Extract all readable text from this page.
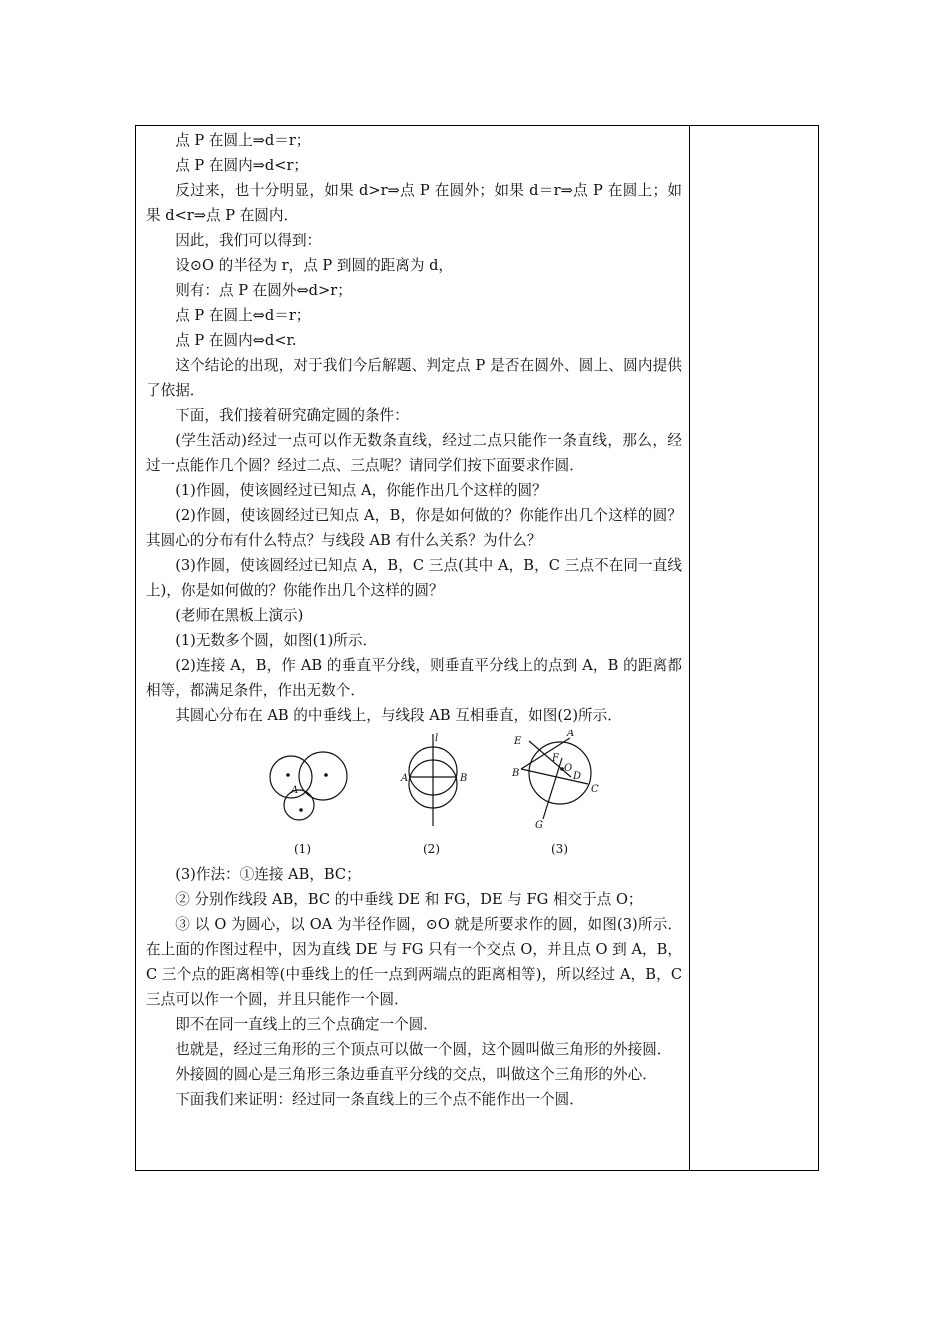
点 P 在圆上⇒d＝r；

点 P 在圆内⇒d<r；

反过来，也十分明显，如果 d>r⇒点 P 在圆外；如果 d＝r⇒点 P 在圆上；如果 d<r⇒点 P 在圆内．

因此，我们可以得到：

设⊙O 的半径为 r，点 P 到圆的距离为 d，

则有：点 P 在圆外⇔d>r；

点 P 在圆上⇔d＝r；

点 P 在圆内⇔d<r.

这个结论的出现，对于我们今后解题、判定点 P 是否在圆外、圆上、圆内提供了依据．

下面，我们接着研究确定圆的条件：

(学生活动)经过一点可以作无数条直线，经过二点只能作一条直线，那么，经过一点能作几个圆？经过二点、三点呢？请同学们按下面要求作圆．

(1)作圆，使该圆经过已知点 A，你能作出几个这样的圆？

(2)作圆，使该圆经过已知点 A，B，你是如何做的？你能作出几个这样的圆？其圆心的分布有什么特点？与线段 AB 有什么关系？为什么？

(3)作圆，使该圆经过已知点 A，B，C 三点(其中 A，B，C 三点不在同一直线上)，你是如何做的？你能作出几个这样的圆？

(老师在黑板上演示)

(1)无数多个圆，如图(1)所示．

(2)连接 A，B，作 AB 的垂直平分线，则垂直平分线上的点到 A，B 的距离都相等，都满足条件，作出无数个．

其圆心分布在 AB 的中垂线上，与线段 AB 互相垂直，如图(2)所示．

A
l
A	B
E
A
F
O
B	D
C
G
(1)	(2)	(3)

(3)作法：①连接 AB，BC；

② 分别作线段 AB，BC 的中垂线 DE 和 FG，DE 与 FG 相交于点 O；

③ 以 O 为圆心，以 OA 为半径作圆，⊙O 就是所要求作的圆，如图(3)所示．在上面的作图过程中，因为直线 DE 与 FG 只有一个交点 O，并且点 O 到 A，B，C 三个点的距离相等(中垂线上的任一点到两端点的距离相等)，所以经过 A，B，C 三点可以作一个圆，并且只能作一个圆．

即不在同一直线上的三个点确定一个圆．

也就是，经过三角形的三个顶点可以做一个圆，这个圆叫做三角形的外接圆．

外接圆的圆心是三角形三条边垂直平分线的交点，叫做这个三角形的外心．

下面我们来证明：经过同一条直线上的三个点不能作出一个圆．
